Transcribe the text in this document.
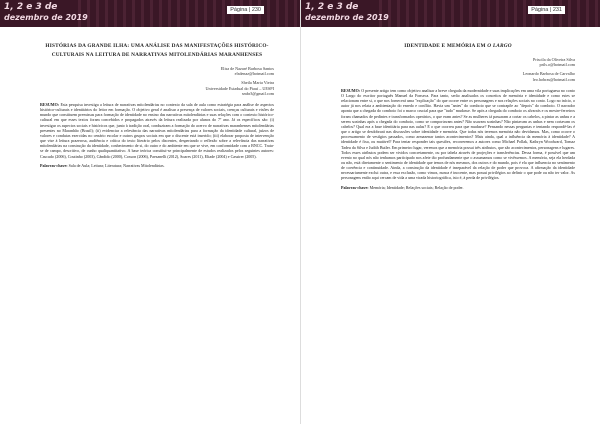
1, 2 e 3 de
dezembro de 2019
Página | 230
HISTÓRIAS DA GRANDE ILHA: UMA ANÁLISE DAS MANIFESTAÇÕES HISTÓRICO-CULTURAIS NA LEITURA DE NARRATIVAS MITOLENDÁRIAS MARANHENSES
Elisa de Nazaré Barbosa Santos
elsdenaz@hotmail.com
Sheila Maria Vieira
Universidade Estadual do Piauí – UESPI
smbr3@gmail.com
RESUMO: Esta pesquisa investiga a leitura de narrativas mitolendárias no contexto da sala de aula como estratégia para análise de aspectos histórico-culturais e identitários do leitor em formação. O objetivo geral é analisar a presença de valores sociais, crenças culturais e visões de mundo que constituem premissas para formação de identidade no ensino das narrativas mitolendárias e suas relações com o contexto histórico-cultural em que esses textos foram concebidos e propagados através da leitura realizada por alunos do 7º ano. Já os específicos são: (i) investigar os aspectos sociais e históricos que, junto à tradição oral, conduziram a formação do acervo de narrativas maranhenses mitolendárias presentes no Maranhão (Brasil); (ii) evidenciar a relevância das narrativas mitolendárias para a formação da identidade cultural, juízos de valores e condutas exercidas no cenário escolar e outros grupos sociais em que o discente está inserido; (iii) elaborar proposta de intervenção que vise à leitura prazerosa, audiência e crítica do texto literário pelos discentes, despertando o reflexão sobre a relevância das narrativas mitolendárias na construção da identidade, conhecimento de si, do outro e do ambiente em que se vive, em conformidade com a BNCC. Trata-se de campo, descritivo, de cunho qualiquantitativo. A base teórica constitui-se principalmente de estudos realizados pelos seguintes autores: Cascudo (2006), Coutinho (2003), Cândido (2000), Cosson (2006), Paesanelli (2012), Soares (2011), Eliade (2004) e Cassirer (2005).
Palavras-chave: Sala de Aula; Leitura; Literatura; Narrativas Mitolendárias.
1, 2 e 3 de
dezembro de 2019
Página | 231
IDENTIDADE E MEMÓRIA EM O LARGO
Priscila da Oliveira Silva
prils.o@hotmail.com
Leonardo Barbosa de Carvalho
leo.hobras@hotmail.com
RESUMO: O presente artigo tem como objetivo analisar a breve chegada da modernidade e suas implicações em uma vila portuguesa no conto O Largo do escritor português Manuel da Fonseca. Para tanto, serão analisados os conceitos de memória e identidade e como estes se relacionam entre si, o que nos fornecerá uma "explicação" do que ocorre entre os personagens e nos relações sociais no conto. Logo no início, o autor já nos relata a ambientação do enredo e conflito. Havia um "antes" do comboio que se contrapõe ao "depois" do comboio. O narrador aponta que a chegada do comboio foi o marco crucial para que "tudo" mudasse. Se após a chegada do comboio os alvarrás e os mestre-ferreiros foram chamados de pedintes e transformados operários, o que eram antes? Se as mulheres iá passaram a cortar os cabelos, a pintar as unhas e a serem sozinhas após a chegada do comboio, como se comportavam antes? Não usavam sozinhas? Não pintavam as unhas e nem cortavam os cabelos? Qual era a base identitária para nas aulas? E o que ocorreu para que mudasse? Pensando nessas perguntas e tentando respondê-las é que o artigo se desdobrará nas discussões sobre identidade e memória. Que todas nós teremos memória não devidamos. Mas, como ocorre o processamento de vestígios passados, como armazenar tantos acontecimentos? Mais ainda, qual a influência da memória à identidade? A identidade é fixa, ou mutável? Para tentar responder tais questões, recorreremos a autores como Michael Pollak, Kathryn Woodward, Tomaz Tadeu da Silva e Judith Butler. Em primeiro lugar, veremos que a memória possui três atributos, que são acontecimentos, personagens e lugares. Todos esses atributos podem ser vividos concretamente, ou por tabela através de projeções e transferências. Dessa forma, é possível que um evento no qual nós não tenhamos participado nos afete tão profundamente que o assumamos como se vivêssemos. A memória, seja ela herdada ou não, está diretamente o sentimento de identidade que temos de nós mesmos, dos outros e do mundo, pois é ela que influencia no sentimento de coerência e continuidade. Ainda, a construção da identidade é inseparável da relação de poder que provoca. A afirmação da identidade necessariamente exclui outra, e essa exclusão, como vimos, nunca é inocente, mas possui privilégios ao definir o que pode ou não ter valor. As personagens então aqui cercam de vida a uma virada historiográfica, isto é, à perda de privilégios.
Palavras-chave: Memória; Identidade; Relações sociais; Relação de poder.
